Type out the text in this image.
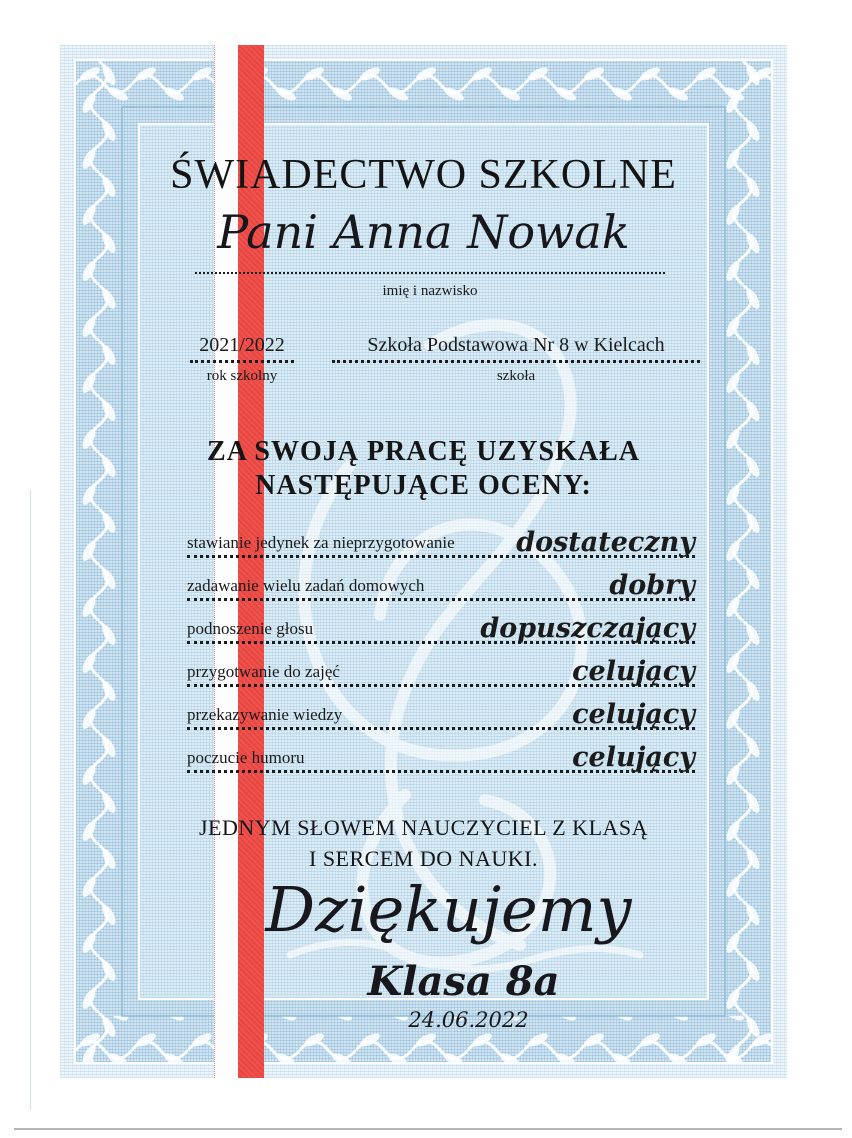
ŚWIADECTWO SZKOLNE
Pani Anna Nowak
imię i nazwisko
2021/2022
rok szkolny
Szkoła Podstawowa Nr 8 w Kielcach
szkoła
ZA SWOJĄ PRACĘ UZYSKAŁA
NASTĘPUJĄCE OCENY:
stawianie jedynek za nieprzygotowanie dostateczny
zadawanie wielu zadań domowych	dobry
podnoszenie głosu	dopuszczający
przygotwanie do zajęć	celujący
przekazywanie wiedzy	celujący
poczucie humoru	celujący
JEDNYM SŁOWEM NAUCZYCIEL Z KLASĄ
I SERCEM DO NAUKI.
Dziękujemy
Klasa 8a
24.06.2022
